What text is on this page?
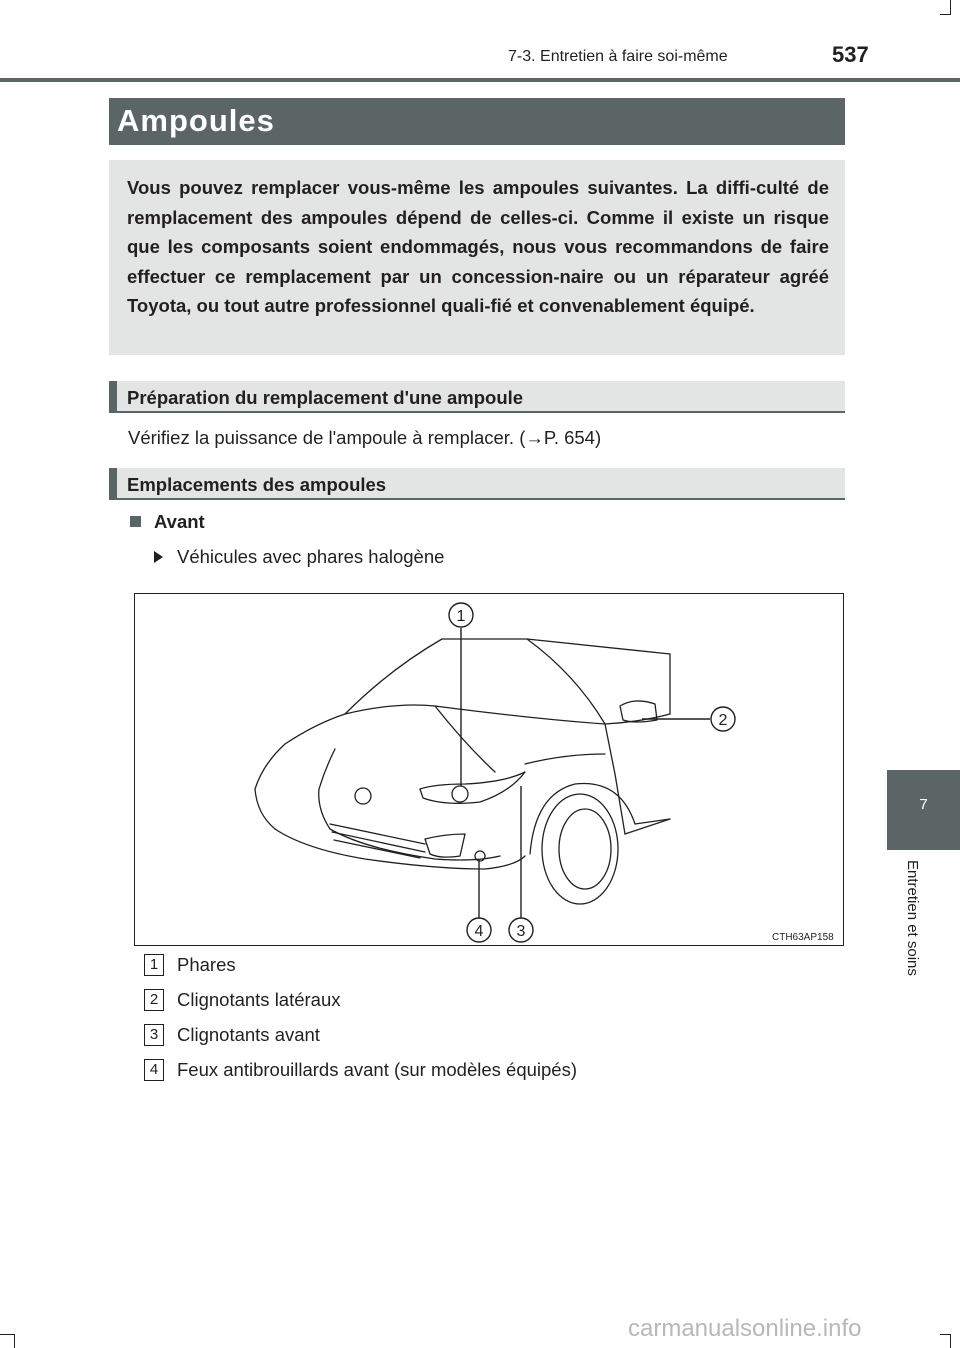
7-3. Entretien à faire soi-même	537
7
Entretien et soins
Ampoules
Vous pouvez remplacer vous-même les ampoules suivantes. La diffi-culté de remplacement des ampoules dépend de celles-ci. Comme il existe un risque que les composants soient endommagés, nous vous recommandons de faire effectuer ce remplacement par un concession-naire ou un réparateur agréé Toyota, ou tout autre professionnel quali-fié et convenablement équipé.
Préparation du remplacement d'une ampoule
Vérifiez la puissance de l'ampoule à remplacer. (→P. 654)
Emplacements des ampoules
Avant
Véhicules avec phares halogène
1
2
3
4	CTH63AP158
1	Phares
2	Clignotants latéraux
3	Clignotants avant
4	Feux antibrouillards avant (sur modèles équipés)
carmanualsonline.info
